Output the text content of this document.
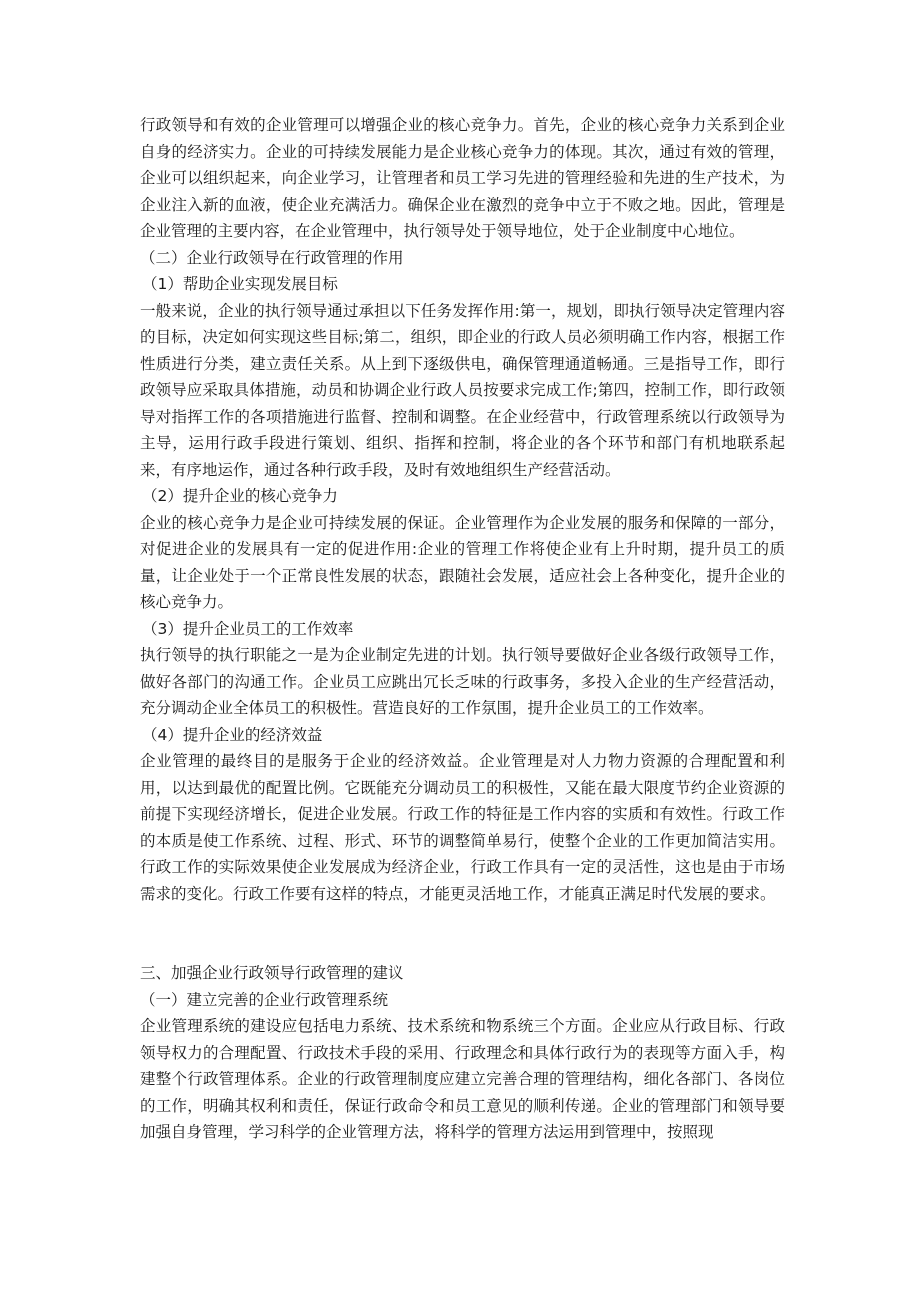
行政领导和有效的企业管理可以增强企业的核心竞争力。首先，企业的核心竞争力关系到企业自身的经济实力。企业的可持续发展能力是企业核心竞争力的体现。其次，通过有效的管理，企业可以组织起来，向企业学习，让管理者和员工学习先进的管理经验和先进的生产技术，为企业注入新的血液，使企业充满活力。确保企业在激烈的竞争中立于不败之地。因此，管理是企业管理的主要内容，在企业管理中，执行领导处于领导地位，处于企业制度中心地位。

（二）企业行政领导在行政管理的作用

（1）帮助企业实现发展目标

一般来说，企业的执行领导通过承担以下任务发挥作用:第一，规划，即执行领导决定管理内容的目标，决定如何实现这些目标;第二，组织，即企业的行政人员必须明确工作内容，根据工作性质进行分类，建立责任关系。从上到下逐级供电，确保管理通道畅通。三是指导工作，即行政领导应采取具体措施，动员和协调企业行政人员按要求完成工作;第四，控制工作，即行政领导对指挥工作的各项措施进行监督、控制和调整。在企业经营中，行政管理系统以行政领导为主导，运用行政手段进行策划、组织、指挥和控制，将企业的各个环节和部门有机地联系起来，有序地运作，通过各种行政手段，及时有效地组织生产经营活动。

（2）提升企业的核心竞争力

企业的核心竞争力是企业可持续发展的保证。企业管理作为企业发展的服务和保障的一部分，对促进企业的发展具有一定的促进作用:企业的管理工作将使企业有上升时期，提升员工的质量，让企业处于一个正常良性发展的状态，跟随社会发展，适应社会上各种变化，提升企业的核心竞争力。

（3）提升企业员工的工作效率

执行领导的执行职能之一是为企业制定先进的计划。执行领导要做好企业各级行政领导工作，做好各部门的沟通工作。企业员工应跳出冗长乏味的行政事务，多投入企业的生产经营活动，充分调动企业全体员工的积极性。营造良好的工作氛围，提升企业员工的工作效率。

（4）提升企业的经济效益

企业管理的最终目的是服务于企业的经济效益。企业管理是对人力物力资源的合理配置和利用，以达到最优的配置比例。它既能充分调动员工的积极性，又能在最大限度节约企业资源的前提下实现经济增长，促进企业发展。行政工作的特征是工作内容的实质和有效性。行政工作的本质是使工作系统、过程、形式、环节的调整简单易行，使整个企业的工作更加简洁实用。行政工作的实际效果使企业发展成为经济企业，行政工作具有一定的灵活性，这也是由于市场需求的变化。行政工作要有这样的特点，才能更灵活地工作，才能真正满足时代发展的要求。

三、加强企业行政领导行政管理的建议

（一）建立完善的企业行政管理系统

企业管理系统的建设应包括电力系统、技术系统和物系统三个方面。企业应从行政目标、行政领导权力的合理配置、行政技术手段的采用、行政理念和具体行政行为的表现等方面入手，构建整个行政管理体系。企业的行政管理制度应建立完善合理的管理结构，细化各部门、各岗位的工作，明确其权利和责任，保证行政命令和员工意见的顺利传递。企业的管理部门和领导要加强自身管理，学习科学的企业管理方法，将科学的管理方法运用到管理中，按照现
